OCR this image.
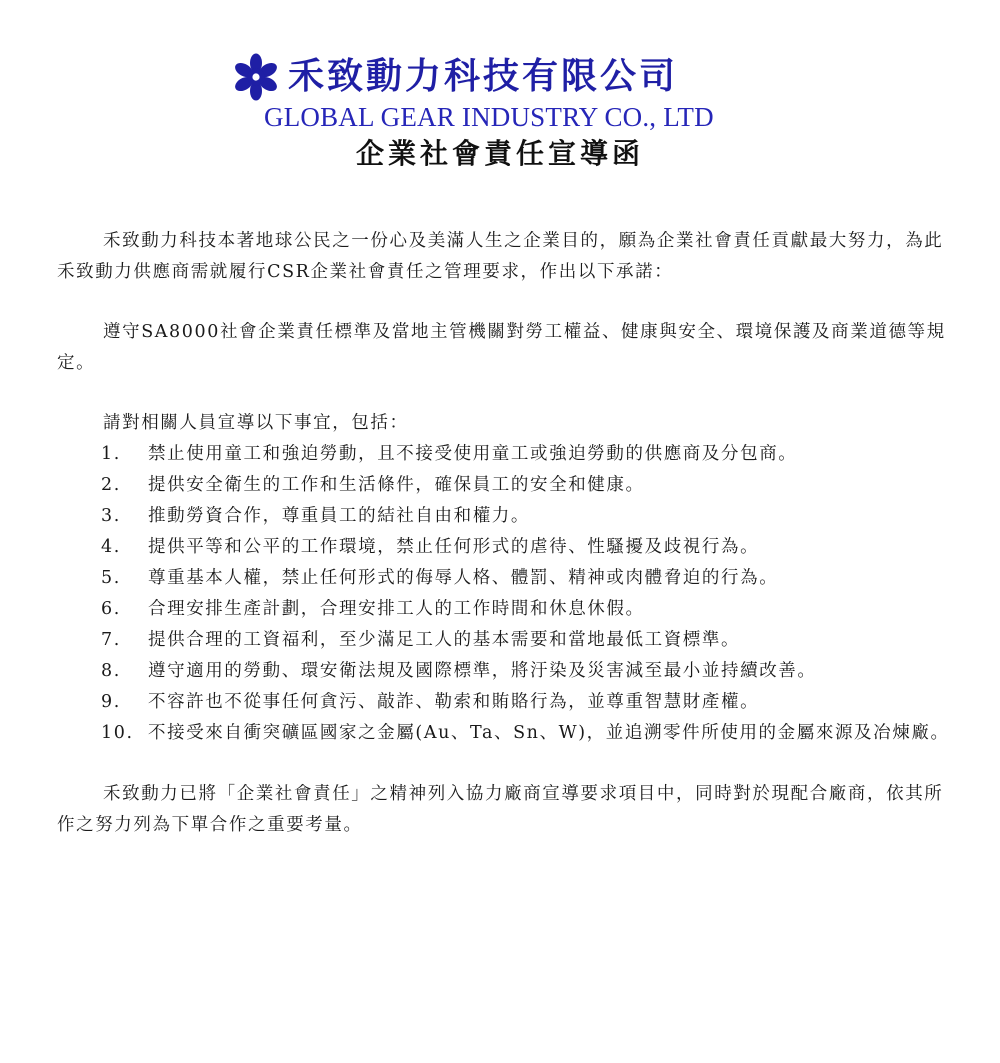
禾致動力科技有限公司
GLOBAL GEAR INDUSTRY CO., LTD
企業社會責任宣導函

禾致動力科技本著地球公民之一份心及美滿人生之企業目的，願為企業社會責任貢獻最大努力，為此禾致動力供應商需就履行CSR企業社會責任之管理要求，作出以下承諾：

遵守SA8000社會企業責任標準及當地主管機關對勞工權益、健康與安全、環境保護及商業道德等規定。

請對相關人員宣導以下事宜，包括：

1. 禁止使用童工和強迫勞動，且不接受使用童工或強迫勞動的供應商及分包商。
2. 提供安全衛生的工作和生活條件，確保員工的安全和健康。
3. 推動勞資合作，尊重員工的結社自由和權力。
4. 提供平等和公平的工作環境，禁止任何形式的虐待、性騷擾及歧視行為。
5. 尊重基本人權，禁止任何形式的侮辱人格、體罰、精神或肉體脅迫的行為。
6. 合理安排生產計劃，合理安排工人的工作時間和休息休假。
7. 提供合理的工資福利，至少滿足工人的基本需要和當地最低工資標準。
8. 遵守適用的勞動、環安衛法規及國際標準，將汙染及災害減至最小並持續改善。
9. 不容許也不從事任何貪污、敲詐、勒索和賄賂行為，並尊重智慧財產權。
10. 不接受來自衝突礦區國家之金屬(Au、Ta、Sn、W)，並追溯零件所使用的金屬來源及冶煉廠。

禾致動力已將「企業社會責任」之精神列入協力廠商宣導要求項目中，同時對於現配合廠商，依其所作之努力列為下單合作之重要考量。
